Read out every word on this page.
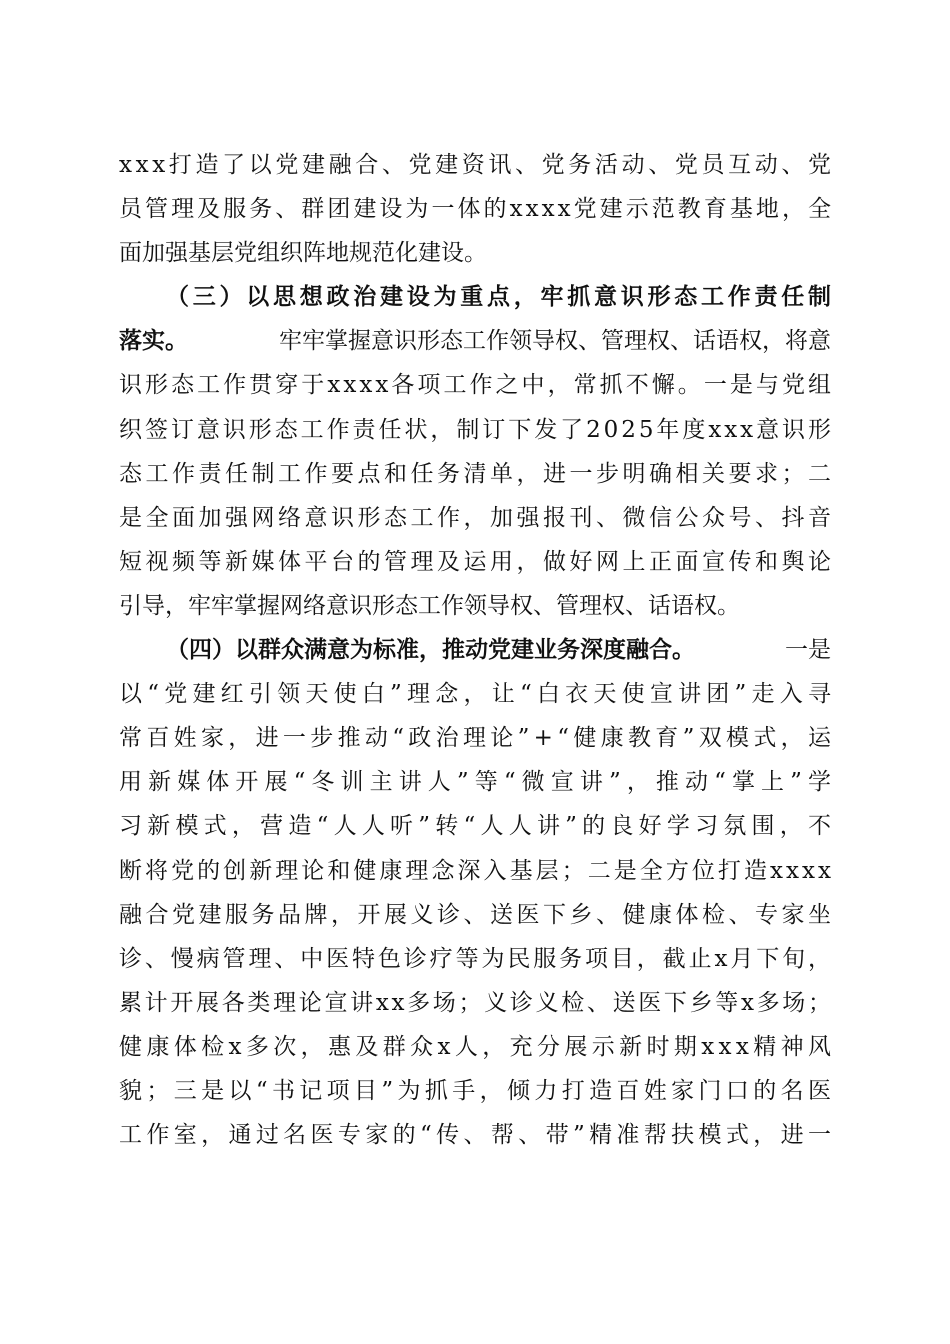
xxx打造了以党建融合、党建资讯、党务活动、党员互动、党
员管理及服务、群团建设为一体的xxxx党建示范教育基地，全
面加强基层党组织阵地规范化建设。
（三）以思想政治建设为重点，牢抓意识形态工作责任制
落实。	牢牢掌握意识形态工作领导权、管理权、话语权，将意
识形态工作贯穿于xxxx各项工作之中，常抓不懈。一是与党组
织签订意识形态工作责任状，制订下发了2025年度xxx意识形
态工作责任制工作要点和任务清单，进一步明确相关要求；二
是全面加强网络意识形态工作，加强报刊、微信公众号、抖音
短视频等新媒体平台的管理及运用，做好网上正面宣传和舆论
引导，牢牢掌握网络意识形态工作领导权、管理权、话语权。
（四）以群众满意为标准，推动党建业务深度融合。	一是
以“党建红引领天使白”理念，让“白衣天使宣讲团”走入寻
常百姓家，进一步推动“政治理论”+“健康教育”双模式，运
用新媒体开展“冬训主讲人”等“微宣讲”，推动“掌上”学
习新模式，营造“人人听”转“人人讲”的良好学习氛围，不
断将党的创新理论和健康理念深入基层；二是全方位打造xxxx
融合党建服务品牌，开展义诊、送医下乡、健康体检、专家坐
诊、慢病管理、中医特色诊疗等为民服务项目，截止x月下旬，
累计开展各类理论宣讲xx多场；义诊义检、送医下乡等x多场；
健康体检x多次，惠及群众x人，充分展示新时期xxx精神风
貌；三是以“书记项目”为抓手，倾力打造百姓家门口的名医
工作室，通过名医专家的“传、帮、带”精准帮扶模式，进一
